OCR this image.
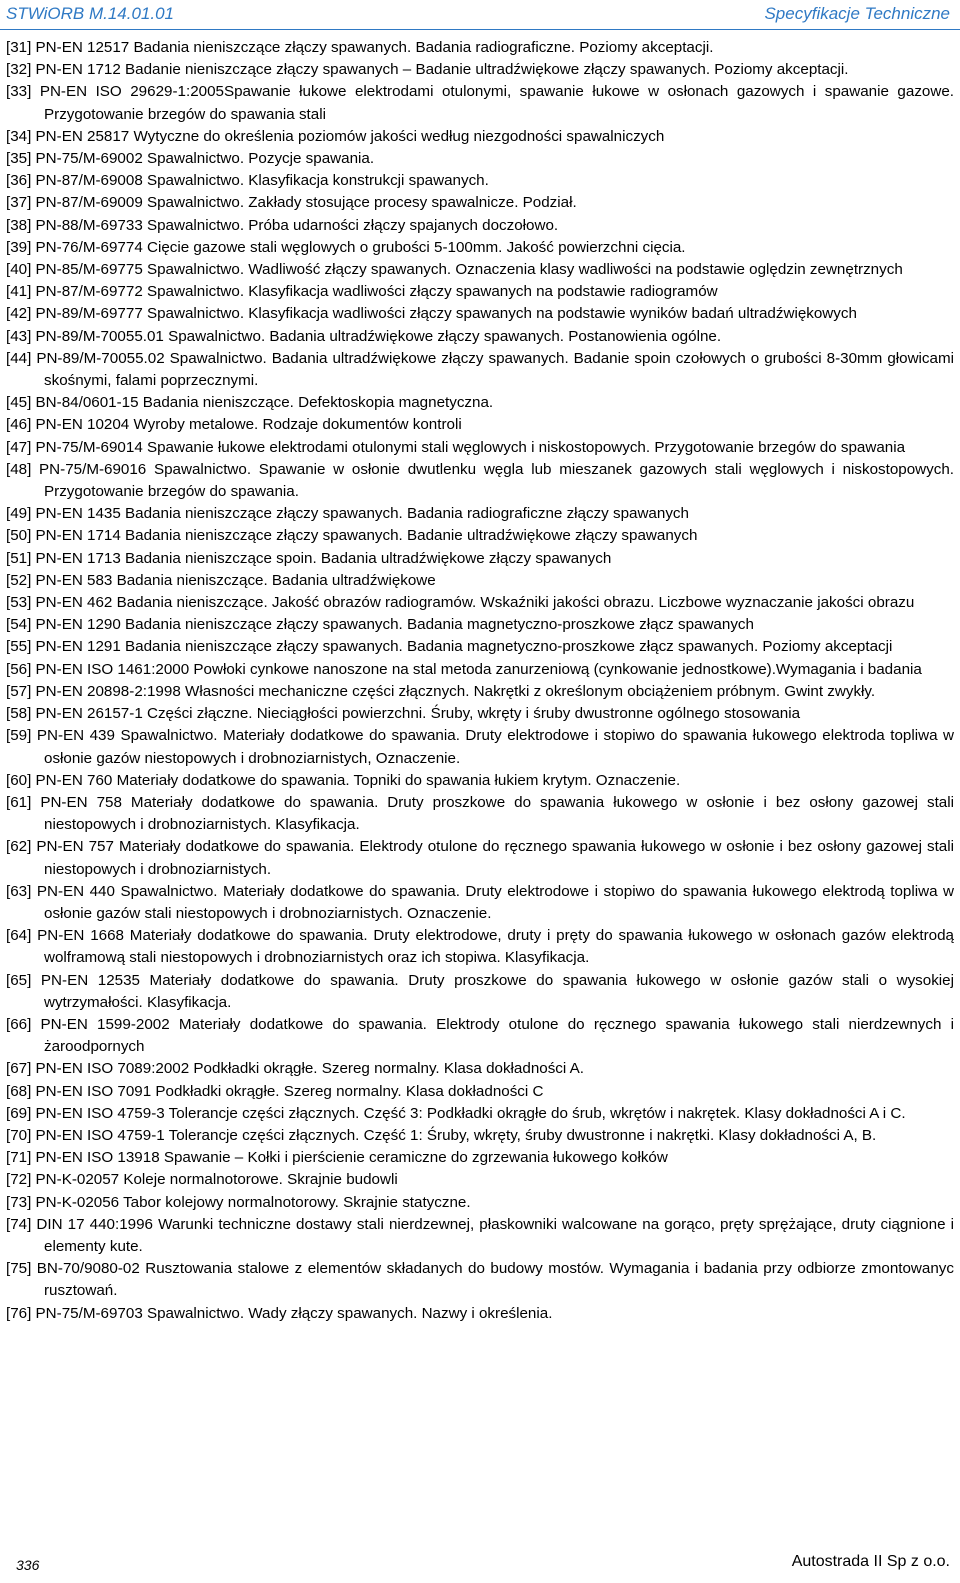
STWiORB M.14.01.01	Specyfikacje Techniczne
[31] PN-EN 12517 Badania nieniszczące złączy spawanych. Badania radiograficzne. Poziomy akceptacji.
[32] PN-EN 1712 Badanie nieniszczące złączy spawanych – Badanie ultradźwiękowe złączy spawanych. Poziomy akceptacji.
[33] PN-EN ISO 29629-1:2005Spawanie łukowe elektrodami otulonymi, spawanie łukowe w osłonach gazowych i spawanie gazowe. Przygotowanie brzegów do spawania stali
[34] PN-EN 25817 Wytyczne do określenia poziomów jakości według niezgodności spawalniczych
[35] PN-75/M-69002 Spawalnictwo. Pozycje spawania.
[36] PN-87/M-69008 Spawalnictwo. Klasyfikacja konstrukcji spawanych.
[37] PN-87/M-69009 Spawalnictwo. Zakłady stosujące procesy spawalnicze. Podział.
[38] PN-88/M-69733 Spawalnictwo. Próba udarności złączy spajanych doczołowo.
[39] PN-76/M-69774 Cięcie gazowe stali węglowych o grubości 5-100mm. Jakość powierzchni cięcia.
[40] PN-85/M-69775 Spawalnictwo. Wadliwość złączy spawanych. Oznaczenia klasy wadliwości na podstawie oględzin zewnętrznych
[41] PN-87/M-69772 Spawalnictwo. Klasyfikacja wadliwości złączy spawanych na podstawie radiogramów
[42] PN-89/M-69777 Spawalnictwo. Klasyfikacja wadliwości złączy spawanych na podstawie wyników badań ultradźwiękowych
[43] PN-89/M-70055.01 Spawalnictwo. Badania ultradźwiękowe złączy spawanych. Postanowienia ogólne.
[44] PN-89/M-70055.02 Spawalnictwo. Badania ultradźwiękowe złączy spawanych. Badanie spoin czołowych o grubości 8-30mm głowicami skośnymi, falami poprzecznymi.
[45] BN-84/0601-15 Badania nieniszczące. Defektoskopia magnetyczna.
[46] PN-EN 10204 Wyroby metalowe. Rodzaje dokumentów kontroli
[47] PN-75/M-69014 Spawanie łukowe elektrodami otulonymi stali węglowych i niskostopowych. Przygotowanie brzegów do spawania
[48] PN-75/M-69016 Spawalnictwo. Spawanie w osłonie dwutlenku węgla lub mieszanek gazowych stali węglowych i niskostopowych. Przygotowanie brzegów do spawania.
[49] PN-EN 1435 Badania nieniszczące złączy spawanych. Badania radiograficzne złączy spawanych
[50] PN-EN 1714 Badania nieniszczące złączy spawanych. Badanie ultradźwiękowe złączy spawanych
[51] PN-EN 1713 Badania nieniszczące spoin. Badania ultradźwiękowe złączy spawanych
[52] PN-EN 583 Badania nieniszczące. Badania ultradźwiękowe
[53] PN-EN 462 Badania nieniszczące. Jakość obrazów radiogramów. Wskaźniki jakości obrazu. Liczbowe wyznaczanie jakości obrazu
[54] PN-EN 1290 Badania nieniszczące złączy spawanych. Badania magnetyczno-proszkowe złącz spawanych
[55] PN-EN 1291 Badania nieniszczące złączy spawanych. Badania magnetyczno-proszkowe złącz spawanych. Poziomy akceptacji
[56] PN-EN ISO 1461:2000 Powłoki cynkowe nanoszone na stal metoda zanurzeniową (cynkowanie jednostkowe).Wymagania i badania
[57] PN-EN 20898-2:1998 Własności mechaniczne części złącznych. Nakrętki z określonym obciążeniem próbnym. Gwint zwykły.
[58] PN-EN 26157-1 Części złączne. Nieciągłości powierzchni. Śruby, wkręty i śruby dwustronne ogólnego stosowania
[59] PN-EN 439 Spawalnictwo. Materiały dodatkowe do spawania. Druty elektrodowe i stopiwo do spawania łukowego elektroda topliwa w osłonie gazów niestopowych i drobnoziarnistych, Oznaczenie.
[60] PN-EN 760 Materiały dodatkowe do spawania. Topniki do spawania łukiem krytym. Oznaczenie.
[61] PN-EN 758 Materiały dodatkowe do spawania. Druty proszkowe do spawania łukowego w osłonie i bez osłony gazowej stali niestopowych i drobnoziarnistych. Klasyfikacja.
[62] PN-EN 757 Materiały dodatkowe do spawania. Elektrody otulone do ręcznego spawania łukowego w osłonie i bez osłony gazowej stali niestopowych i drobnoziarnistych.
[63] PN-EN 440 Spawalnictwo. Materiały dodatkowe do spawania. Druty elektrodowe i stopiwo do spawania łukowego elektrodą topliwa w osłonie gazów stali niestopowych i drobnoziarnistych. Oznaczenie.
[64] PN-EN 1668 Materiały dodatkowe do spawania. Druty elektrodowe, druty i pręty do spawania łukowego w osłonach gazów elektrodą wolframową stali niestopowych i drobnoziarnistych oraz ich stopiwa. Klasyfikacja.
[65] PN-EN 12535 Materiały dodatkowe do spawania. Druty proszkowe do spawania łukowego w osłonie gazów stali o wysokiej wytrzymałości. Klasyfikacja.
[66] PN-EN 1599-2002 Materiały dodatkowe do spawania. Elektrody otulone do ręcznego spawania łukowego stali nierdzewnych i żaroodpornych
[67] PN-EN ISO 7089:2002 Podkładki okrągłe. Szereg normalny. Klasa dokładności A.
[68] PN-EN ISO 7091 Podkładki okrągłe. Szereg normalny. Klasa dokładności C
[69] PN-EN ISO 4759-3 Tolerancje części złącznych. Część 3: Podkładki okrągłe do śrub, wkrętów i nakrętek. Klasy dokładności A i C.
[70] PN-EN ISO 4759-1 Tolerancje części złącznych. Część 1: Śruby, wkręty, śruby dwustronne i nakrętki. Klasy dokładności A, B.
[71] PN-EN ISO 13918 Spawanie – Kołki i pierścienie ceramiczne do zgrzewania łukowego kołków
[72] PN-K-02057 Koleje normalnotorowe. Skrajnie budowli
[73] PN-K-02056 Tabor kolejowy normalnotorowy. Skrajnie statyczne.
[74] DIN 17 440:1996 Warunki techniczne dostawy stali nierdzewnej, płaskowniki walcowane na gorąco, pręty sprężające, druty ciągnione i elementy kute.
[75] BN-70/9080-02 Rusztowania stalowe z elementów składanych do budowy mostów. Wymagania i badania przy odbiorze zmontowanyc rusztowań.
[76] PN-75/M-69703 Spawalnictwo. Wady złączy spawanych. Nazwy i określenia.
336	Autostrada II Sp z o.o.
